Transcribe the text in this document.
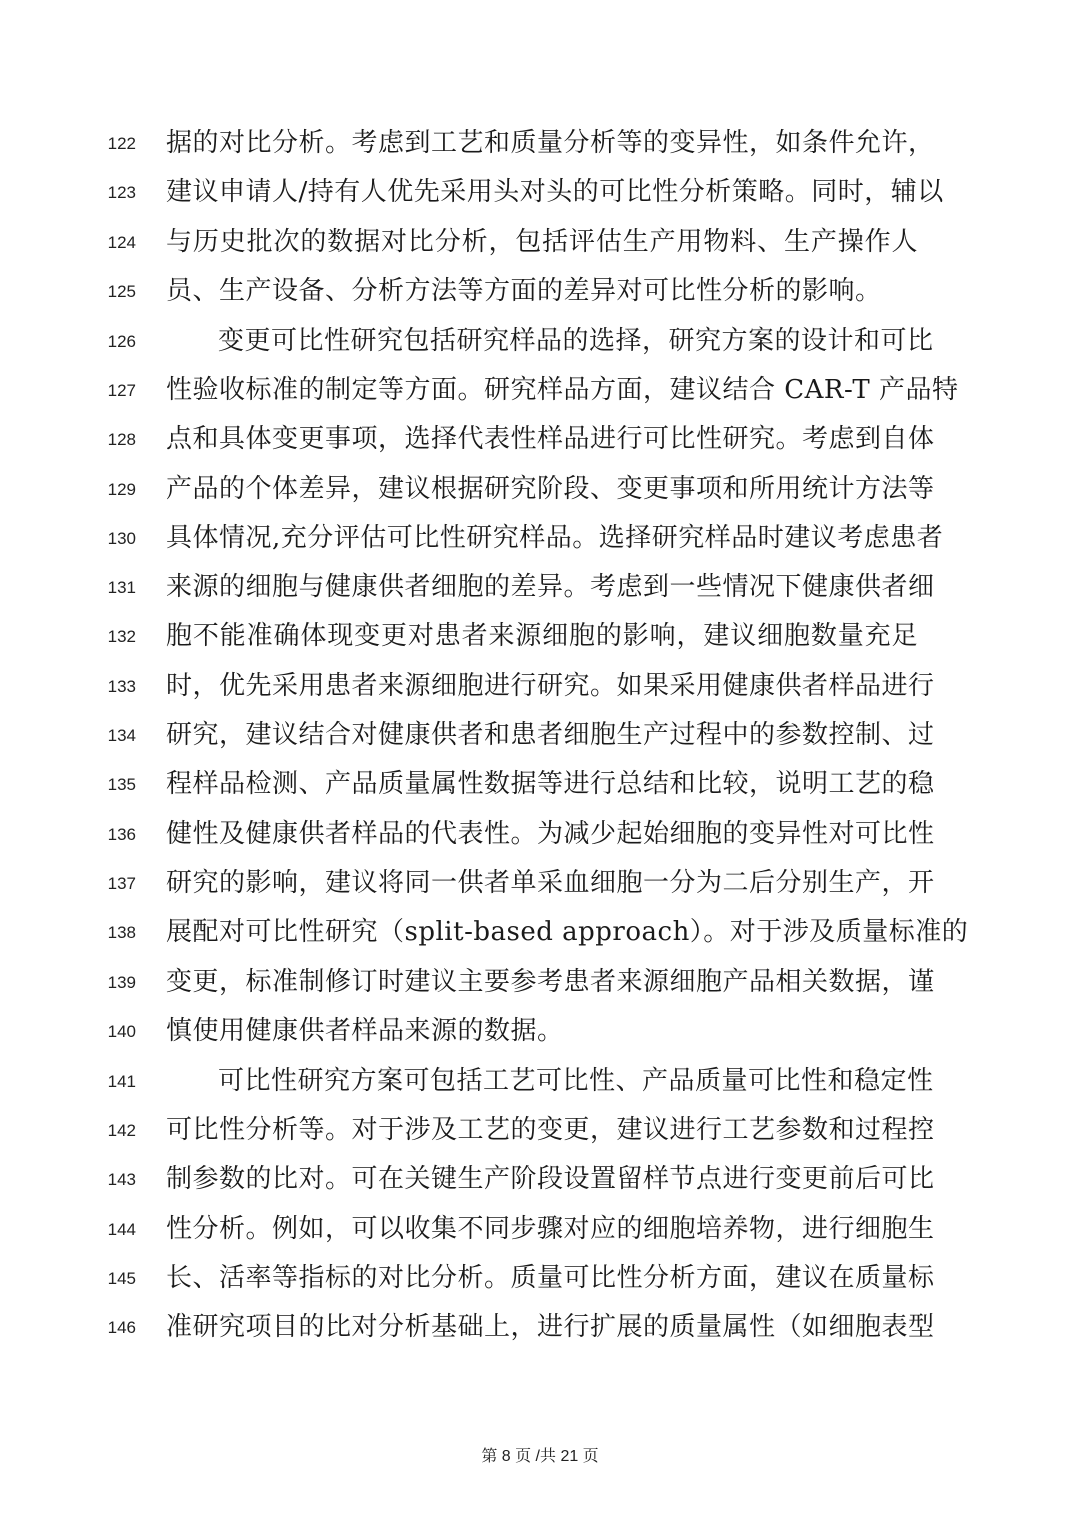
122 据的对比分析。考虑到工艺和质量分析等的变异性，如条件允许，
123 建议申请人/持有人优先采用头对头的可比性分析策略。同时，辅以
124 与历史批次的数据对比分析，包括评估生产用物料、生产操作人
125 员、生产设备、分析方法等方面的差异对可比性分析的影响。
126	变更可比性研究包括研究样品的选择，研究方案的设计和可比
127 性验收标准的制定等方面。研究样品方面，建议结合 CAR-T 产品特
128 点和具体变更事项，选择代表性样品进行可比性研究。考虑到自体
129 产品的个体差异，建议根据研究阶段、变更事项和所用统计方法等
130 具体情况,充分评估可比性研究样品。选择研究样品时建议考虑患者
131 来源的细胞与健康供者细胞的差异。考虑到一些情况下健康供者细
132 胞不能准确体现变更对患者来源细胞的影响，建议细胞数量充足
133 时，优先采用患者来源细胞进行研究。如果采用健康供者样品进行
134 研究，建议结合对健康供者和患者细胞生产过程中的参数控制、过
135 程样品检测、产品质量属性数据等进行总结和比较，说明工艺的稳
136 健性及健康供者样品的代表性。为减少起始细胞的变异性对可比性
137 研究的影响，建议将同一供者单采血细胞一分为二后分别生产，开
138 展配对可比性研究（split-based approach）。对于涉及质量标准的
139 变更，标准制修订时建议主要参考患者来源细胞产品相关数据，谨
140 慎使用健康供者样品来源的数据。
141	可比性研究方案可包括工艺可比性、产品质量可比性和稳定性
142 可比性分析等。对于涉及工艺的变更，建议进行工艺参数和过程控
143 制参数的比对。可在关键生产阶段设置留样节点进行变更前后可比
144 性分析。例如，可以收集不同步骤对应的细胞培养物，进行细胞生
145 长、活率等指标的对比分析。质量可比性分析方面，建议在质量标
146 准研究项目的比对分析基础上，进行扩展的质量属性（如细胞表型
第 8 页 /共 21 页
